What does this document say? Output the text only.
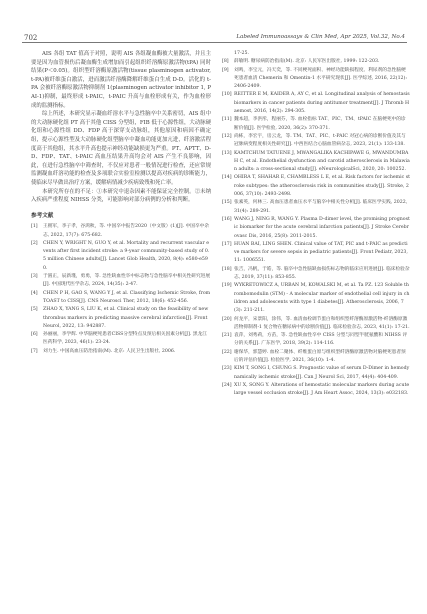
702	Labeled Immunoassays & Clin Med, Apr 2025, Vol.32, No.4

AIS 各组 TAT 值高于对照，说明 AIS 各组凝血酶被大量激活，并且主要是因为血管损伤后凝血酶生成增加而引起组织纤溶酶原激活物(tPA) 同时结果(P＜0.05)。组织型纤溶酶原激活物(tissue plasminogen activator, t-PA)被纤维蛋白激活，进而激活纤溶酶降解纤维蛋白生成 D-D。活化的 t-PA 会被纤溶酶原激活物抑制剂 1(plasminogen activator inhibitor 1, PAI-1)抑制，最终形成 t-PAIC，t-PAIC 升高与血栓形成有关，作为血栓形成的监测指标。

综上所述，本研究显示凝血纤溶水平与急性脑卒中关系密切，AIS 组中的大动脉硬化组 PT 高于其他 CISS 分型组，FIB 低于心源性组，大动脉硬化组和心源性组 DD、FDP 高于深穿支动脉组，其他原因和病因不确定组，提示心源性型及大动脉硬化组型脑卒中凝血功能更加亢进，纤溶激活程度高于其他组，其水平升高也提示神经功能缺损更为严重。PT、APTT、D-D、FDP、TAT、t-PAIC 高血压结果升高均会对 AIS 产生不良影响，因此，在进行急性脑卒中筛查时，不仅应对患者一般情况进行检查，还应常规监测凝血纤溶功能的检查及多项联合实验室检测以提高对疾病的诊断能力，使临床尽早做出治疗方案，缓解病情减少疾病致残和死亡率。

本研究所存在的不足：①本研究中退杂因素不能保证完全控制。②未纳入疾病严重程度 NIHSS 分类，可能影响对部分病例的分析和判断。

参考文献
[1]	王拥军，李子孝，谷鸿秋，等. 中国卒中报告2020（中文版）(1)[J]. 中国卒中杂志, 2022, 17(7): 675-682.
[2]	CHEN Y, WRIGHT N, GUO Y, et al. Mortality and recurrent vascular events after first incident stroke: a 9-year community-based study of 0.5 million Chinese adults[J]. Lancet Glob Health, 2020, 8(4): e580-e590.
[3]	于圆正，辰新瑾，勇勇，等. 急性缺血性卒中标志物与急性脑卒中相关性研究进展[J]. 中国现代医学杂志, 2024, 14(35): 2-47.
[4]	CHEN P H, GAO S, WANG Y J, et al. Classifying Ischemic Stroke, from TOAST to CISS[J]. CNS Neurosci Ther, 2012, 18(6): 452-456.
[5]	ZHAO X, YANG S, LIU K, et al. Clinical study on the feasibility of new thrombus markers in predicting massive cerebral infarction[J]. Front Neurol, 2022, 13: 942887.
[6]	孙丽丽，李学辉. 中华脑梗死患者CISS分型特点及预后相关因素分析[J]. 黑龙江医药科学, 2023, 46(1): 23-24.
[7]	刘力生. 中国高血压防治指南(M). 北京: 人民卫生出版社, 2006.
17-25.
[8]	薛敏明. 糖尿病防治指南(M). 北京: 人民军医出版社, 1999: 122-203.
[9]	刘鸣，李宝元，冯天奕，等. 不同梗死面积、神经功能缺损程度、利尿剂的急性脑梗死患者血清 Chemerin 和 Omentin-1 水平研究现状[J]. 医学综述, 2016, 22(12): 2406-2409.
[10] REITTER E M, KAIDER A, AY C, et al. Longitudinal analysis of hemostasis biomarkers in cancer patients during antitumor treatment[J]. J Thromb Haemost, 2016, 14(2): 294-305.
[11] 魏本超，李洪彤，程丽芬，等. 血栓指标 TAT、PIC、TM、tPAIC 在脑梗死中的诊断价值[J]. 医学检验, 2020, 36(2): 370-371.
[12] 尚栋，李宏宇，房云龙，等. TM、TAT、PIC、t-PAIC 对冠心病的诊断价值及其与冠脉病变程度相关性研究[J]. 中西医结合心脑血管病杂志, 2023, 21(1): 133-138.
[13] KAMTCHUM TATUENE J, MWANGALIKA KACHIPAWE G, MWANDUMBA H C, et al. Endothelial dysfunction and carotid atherosclerosis in Malawian adults: a cross-sectional study[J]. eNeurologicalSci, 2020, 20: 100252.
[14] OHIRA T, SHAHAR E, CHAMBLESS L E, et al. Risk factors for ischemic stroke subtypes: the atherosclerosis risk in communities study[J]. Stroke, 2006, 37(10): 2493-2498.
[15] 张素英，何林三. 高血压患者血压水平与脑卒中相关性分析[J]. 临床医学实践, 2022, 31(4): 289-291.
[16] WANG J, NING R, WANG Y. Plasma D-dimer level, the promising prognostic biomarker for the acute cerebral infarction patients[J]. J Stroke Cerebrovasc Dis, 2016, 25(8): 2011-2015.
[17] HUAN BAI, LING SHEN. Clinical value of TAT, PIC and t-PAIC as predictive markers for severe sepsis in pediatric patients[J]. Front Pediatr, 2023, 11: 1006551.
[18] 张吉，冯帆，于皓，等. 脑卒中急性脑缺血损伤标志物的临床应用进展[J]. 临床检验杂志, 2019, 37(11): 853-855.
[19] WYKRETOWICZ A, URBAN M, KOWALSKI M, et al. Ta PZ. 123 Soluble thrombomodulin (STM) - A molecular marker of endothelial cell injury in children and adolescents with type 1 diabetes[J]. Atherosclerosis, 2006, 7(3): 211-211.
[20] 何龙平，宋景阳，涂伟，等. 血清血栓调节蛋白和组织型纤溶酶原激活物-纤溶酶原激活物抑制剂-1 复合物在糖尿病中的诊断价值[J]. 临床检验杂志, 2023, 41(1): 17-21.
[21] 袁萍，刘秀莉，方苗，等. 急性缺血性卒中 CISS 分型与同型半胱氨酸和 NIHSS 评分的关系[J]. 广东医学, 2018, 39(2): 114-116.
[22] 谢保华，郭慧婷. 血栓二聚体、纤维蛋白原与组织型纤溶酶原激活物对脑梗死患者预后的评估价值[J]. 检验医学, 2021, 36(10): 1-4.
[23] KIM T, SONG I, CHUNG S. Prognostic value of serum D-Dimer in hemodynamically ischemic stroke[J]. Can J Neurol Sci, 2017, 44(4): 404-409.
[24] XU X, SONG Y. Alterations of hemostatic molecular markers during acute large vessel occlusion stroke[J]. J Am Heart Assoc, 2024, 13(3): e032183.
